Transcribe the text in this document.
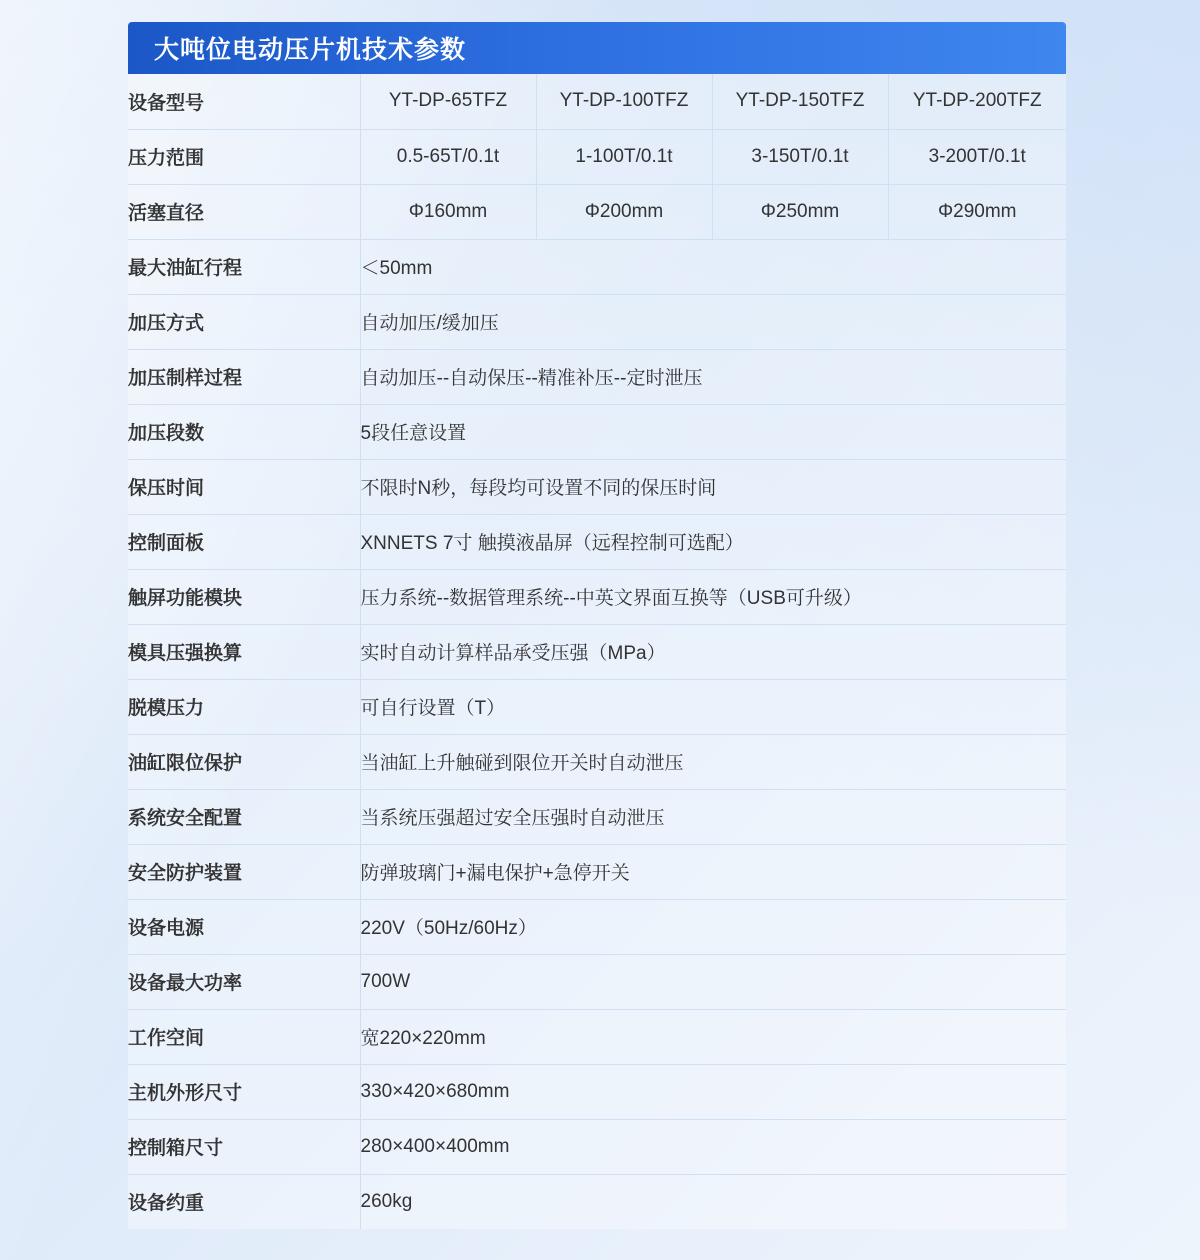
大吨位电动压片机技术参数
设备型号	YT-DP-65TFZ	YT-DP-100TFZ	YT-DP-150TFZ	YT-DP-200TFZ
压力范围	0.5-65T/0.1t	1-100T/0.1t	3-150T/0.1t	3-200T/0.1t
活塞直径	Φ160mm	Φ200mm	Φ250mm	Φ290mm
最大油缸行程	＜50mm			
加压方式	自动加压/缓加压			
加压制样过程	自动加压--自动保压--精准补压--定时泄压			
加压段数	5段任意设置			
保压时间	不限时N秒，每段均可设置不同的保压时间			
控制面板	XNNETS 7寸 触摸液晶屏（远程控制可选配）			
触屏功能模块	压力系统--数据管理系统--中英文界面互换等（USB可升级）			
模具压强换算	实时自动计算样品承受压强（MPa）			
脱模压力	可自行设置（T）			
油缸限位保护	当油缸上升触碰到限位开关时自动泄压			
系统安全配置	当系统压强超过安全压强时自动泄压			
安全防护装置	防弹玻璃门+漏电保护+急停开关			
设备电源	220V（50Hz/60Hz）			
设备最大功率	700W			
工作空间	宽220×220mm			
主机外形尺寸	330×420×680mm			
控制箱尺寸	280×400×400mm			
设备约重	260kg			
